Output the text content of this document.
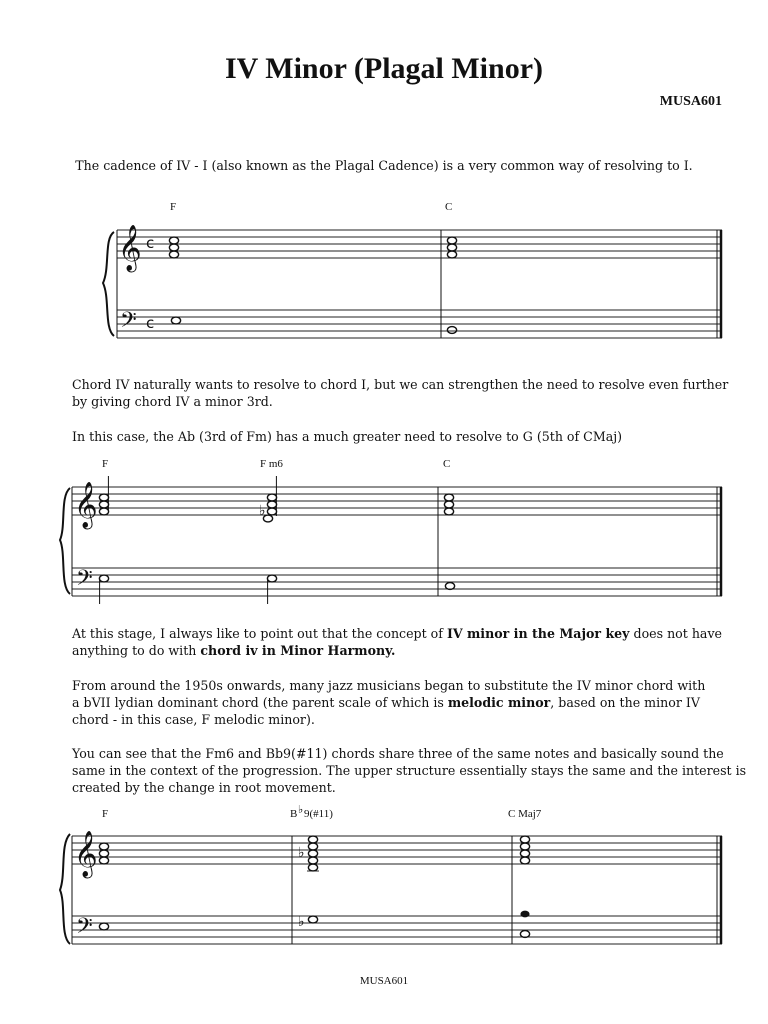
IV Minor (Plagal Minor)
MUSA601

The cadence of IV - I (also known as the Plagal Cadence) is a very common way of resolving to I.

F	C
𝄞
𝄢
c
c

Chord IV naturally wants to resolve to chord I, but we can strengthen the need to resolve even further

by giving chord IV a minor 3rd.

In this case, the Ab (3rd of Fm) has a much greater need to resolve to G (5th of CMaj)

F	F m6	C
𝄞
𝄢
♭

At this stage, I always like to point out that the concept of IV minor in the Major key does not have

anything to do with chord iv in Minor Harmony.

From around the 1950s onwards, many jazz musicians began to substitute the IV minor chord with

a bVII lydian dominant chord (the parent scale of which is melodic minor, based on the minor IV

chord - in this case, F melodic minor).

You can see that the Fm6 and Bb9(#11) chords share three of the same notes and basically sound the

same in the context of the progression. The upper structure essentially stays the same and the interest is

created by the change in root movement.

F	B ♭ 9(#11)	C Maj7
𝄞
𝄢
♭
♭
MUSA601
